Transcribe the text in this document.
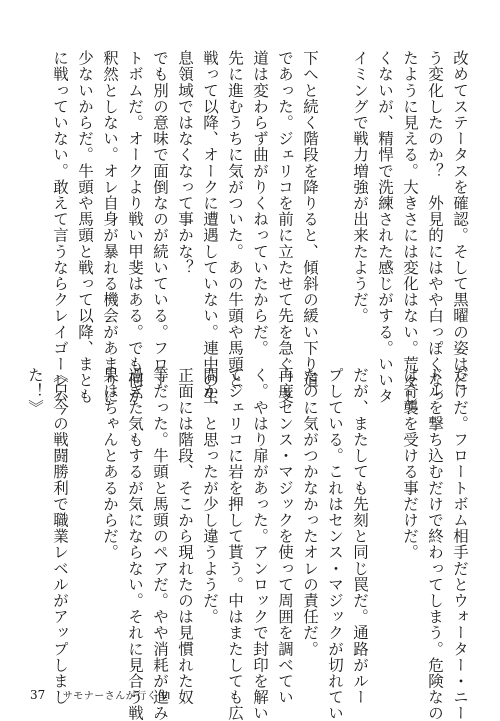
改めてステータスを確認。そして黒曜の姿はど
う変化したのか？　外見的にはやや白っぽくなっ
たように見える。大きさには変化はない。荒々し
くないが、精悍で洗練された感じがする。いいタ
イミングで戦力増強が出来たようだ。

下へと続く階段を降りると、傾斜の緩い下り道
であった。ジェリコを前に立たせて先を急ぐ。支
道は変わらず曲がりくねっていたからだ。
先に進むうちに気がついた。あの牛頭や馬頭と
戦って以降、オークに遭遇していない。連中の生
息領域ではなくなって事かな？
でも別の意味で面倒なのが続いている。フロー
トボムだ。オークより戦い甲斐はある。でも何か
釈然としない。オレ自身が暴れる機会があまりに
少ないからだ。牛頭や馬頭と戦って以降、まとも
に戦っていない。敢えて言うならクレイゴーレム
だけだ。フロートボム相手だとウォーター・ニー
ドルを撃ち込むだけで終わってしまう。危険なの
は奇襲を受ける事だけだ。

だが、またしても先刻と同じ罠だ。通路がルー
プしている。これはセンス・マジックが切れてい
たのに気がつかなかったオレの責任だ。
再度センス・マジックを使って周囲を調べてい
く。やはり扉があった。アンロックで封印を解い
てジェリコに岩を押して貰う。中はまたしても広
間か、と思ったが少し違うようだ。
正面には階段、そこから現れたのは見慣れた奴
等だった。牛頭と馬頭のペアだ。やや消耗が進み
過ぎた気もするが気にならない。それに見合う戦
果はちゃんとあるからだ。

《只今の戦闘勝利で職業レベルがアップしまし
た！》
37 サモナーさんが行く Ⅵ
